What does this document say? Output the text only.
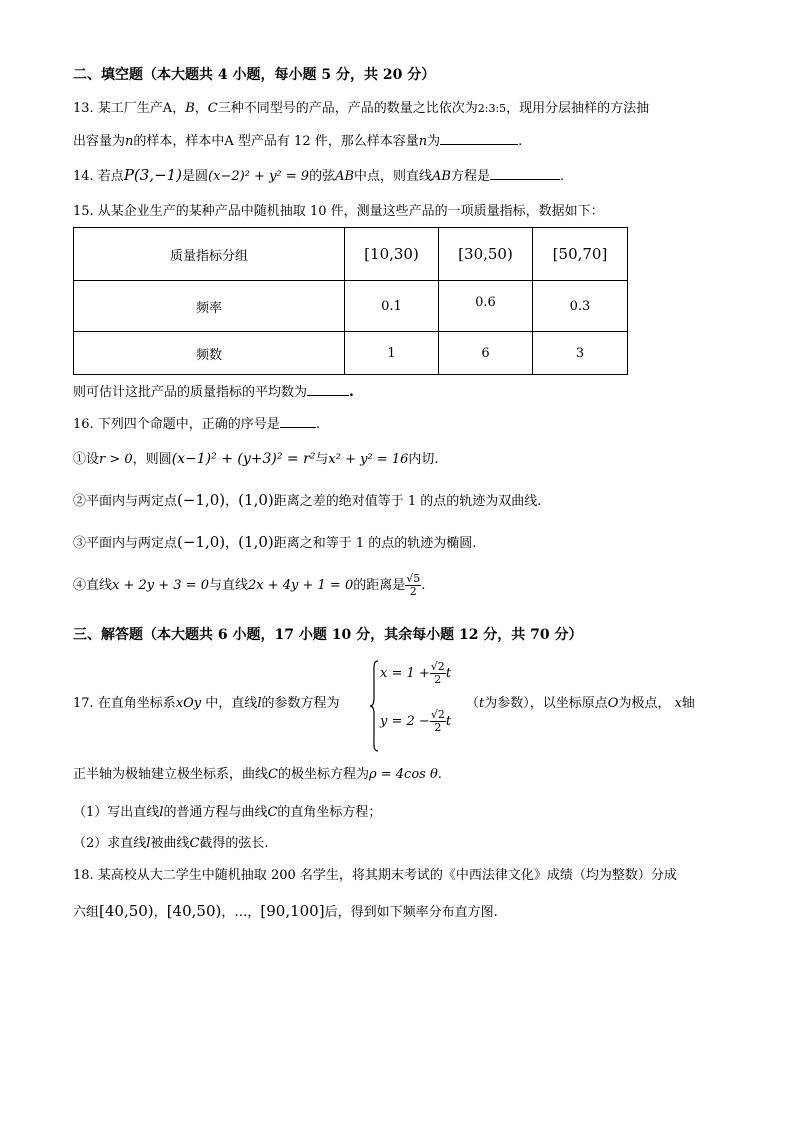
二、填空题（本大题共 4 小题，每小题 5 分，共 20 分）
13. 某工厂生产A，B，C三种不同型号的产品，产品的数量之比依次为2:3:5，现用分层抽样的方法抽
出容量为n的样本，样本中A 型产品有 12 件，那么样本容量n为	.
14. 若点P(3,−1)是圆(x−2)² + y² = 9的弦AB中点，则直线AB方程是	.
15. 从某企业生产的某种产品中随机抽取 10 件，测量这些产品的一项质量指标，数据如下：
质量指标分组	[10,30)	[30,50)	[50,70]
频率	0.1	0.6	0.3
频数	1	6	3
则可估计这批产品的质量指标的平均数为	.
16. 下列四个命题中，正确的序号是	.
①设r > 0，则圆(x−1)² + (y+3)² = r²与x² + y² = 16内切.
②平面内与两定点(−1,0)，(1,0)距离之差的绝对值等于 1 的点的轨迹为双曲线.
③平面内与两定点(−1,0)，(1,0)距离之和等于 1 的点的轨迹为椭圆.
④直线x + 2y + 3 = 0与直线2x + 4y + 1 = 0的距离是 $\frac{√5}{2}$ .
三、解答题（本大题共 6 小题，17 小题 10 分，其余每小题 12 分，共 70 分）
$x = 1 + \frac{√2}{2}$ t
$y = 2 - \frac{√2}{2}$ t
17. 在直角坐标系xOy 中，直线l的参数方程为	（t为参数），以坐标原点O为极点， x轴
正半轴为极轴建立极坐标系，曲线C的极坐标方程为ρ = 4cos θ.
（1）写出直线l的普通方程与曲线C的直角坐标方程；
（2）求直线l被曲线C截得的弦长.
18. 某高校从大二学生中随机抽取 200 名学生，将其期末考试的《中西法律文化》成绩（均为整数）分成
六组[40,50)，[40,50)，…，[90,100]后，得到如下频率分布直方图.
